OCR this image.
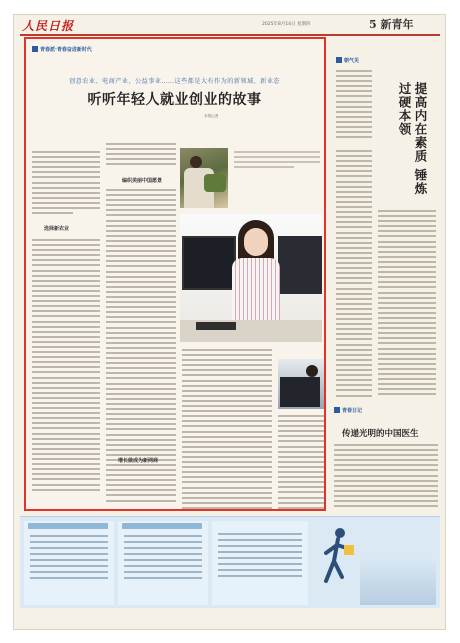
人民日报	2025年8月14日 星期四	5 新青年
青春派·青春奋进新时代
创意农业、电商产业、公益事业……这些都是大有作为的新领域、新业态
听听年轻人就业创业的故事
本报记者
选择新农业
编织美丽中国愿景
增长做成为新网商
朝气见
提高内在素质 锤炼过硬本领
青春日记
传递光明的中国医生
